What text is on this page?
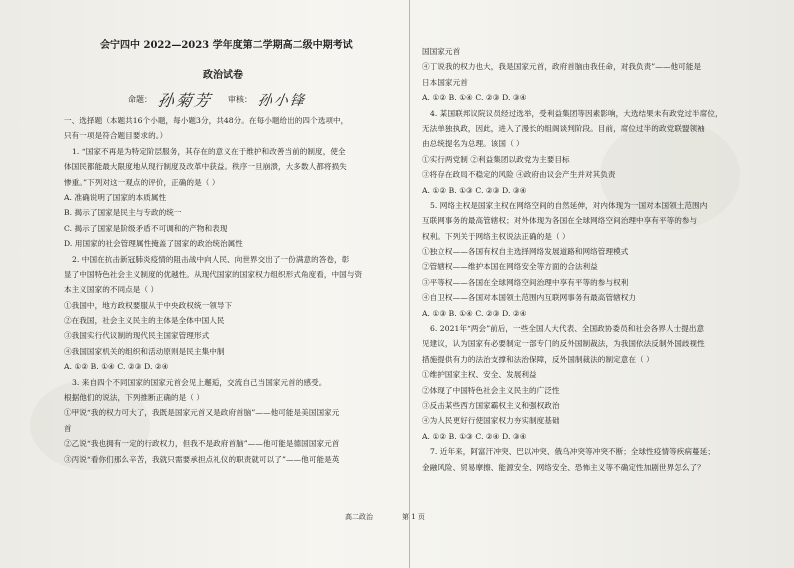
会宁四中 2022—2023 学年度第二学期高二级中期考试
政治试卷
命题： 孙菊芳 审核： 孙小锋
一、选择题（本题共16个小题，每小题3分，共48分。在每小题给出的四个选项中，
只有一项是符合题目要求的。）
1. “国家不再是为特定阶层服务，其存在的意义在于维护和改善当前的制度，使全
体国民都能最大限度地从现行制度及改革中获益。秩序一旦崩溃，大多数人都将损失
惨重。”下列对这一观点的评价，正确的是（ ）
A. 准确说明了国家的本质属性
B. 揭示了国家是民主与专政的统一
C. 揭示了国家是阶级矛盾不可调和的产物和表现
D. 用国家的社会管理属性掩盖了国家的政治统治属性
2. 中国在抗击新冠肺炎疫情的阻击战中向人民、向世界交出了一份满意的答卷，彰
显了中国特色社会主义制度的优越性。从现代国家的国家权力组织形式角度看，中国与资
本主义国家的不同点是（ ）
①我国中，地方政权要服从于中央政权统一领导下
②在我国，社会主义民主的主体是全体中国人民
③我国实行代议制的现代民主国家管理形式
④我国国家机关的组织和活动原则是民主集中制
A. ①② B. ①④ C. ②③ D. ②④
3. 来自四个不同国家的国家元首会见上邂逅，交流自己当国家元首的感受。
根据他们的说法，下列推断正确的是（ ）
①甲说“我的权力可大了，我既是国家元首又是政府首脑”——他可能是美国国家元
首
②乙说“我也拥有一定的行政权力，但我不是政府首脑”——他可能是德国国家元首
③丙说“看你们那么辛苦，我就只需要承担点礼仪的职责就可以了”——他可能是英
国国家元首
④丁说我的权力也大，我是国家元首，政府首脑由我任命，对我负责”——他可能是
日本国家元首
A. ①② B. ①④ C. ②③ D. ③④
4. 某国联邦议院议员经过选举，受利益集团等因素影响，大选结果未有政党过半席位，
无法单独执政，因此，进入了漫长的组阁谈判阶段。目前，席位过半的政党联盟领袖
由总统提名为总理。该国（ ）
①实行两党制 ②利益集团以政党为主要目标
③将存在政局不稳定的风险 ④政府由议会产生并对其负责
A. ①② B. ①③ C. ②③ D. ③④
5. 网络主权是国家主权在网络空间的自然延伸，对内体现为一国对本国领土范围内
互联网事务的最高管辖权；对外体现为各国在全球网络空间治理中享有平等的参与
权利。下列关于网络主权说法正确的是（ ）
①独立权——各国有权自主选择网络发展道路和网络管理模式
②管辖权——维护本国在网络安全等方面的合法利益
③平等权——各国在全球网络空间治理中享有平等的参与权利
④自卫权——各国对本国领土范围内互联网事务有最高管辖权力
A. ①③ B. ①④ C. ②③ D. ②④
6. 2021年“两会”前后，一些全国人大代表、全国政协委员和社会各界人士提出意
见建议，认为国家有必要制定一部专门的反外国制裁法，为我国依法反制外国歧视性
措施提供有力的法治支撑和法治保障，反外国制裁法的制定意在（ ）
①维护国家主权、安全、发展利益
②体现了中国特色社会主义民主的广泛性
③反击某些西方国家霸权主义和强权政治
④为人民更好行使国家权力夯实制度基础
A. ①② B. ①③ C. ②④ D. ③④
7. 近年来，阿富汗冲突、巴以冲突、俄乌冲突等冲突不断；全球性疫情等疾病蔓延；
金融风险、贸易摩擦、能源安全、网络安全、恐怖主义等不确定性加剧世界怎么了？
高二政治	第 1 页
